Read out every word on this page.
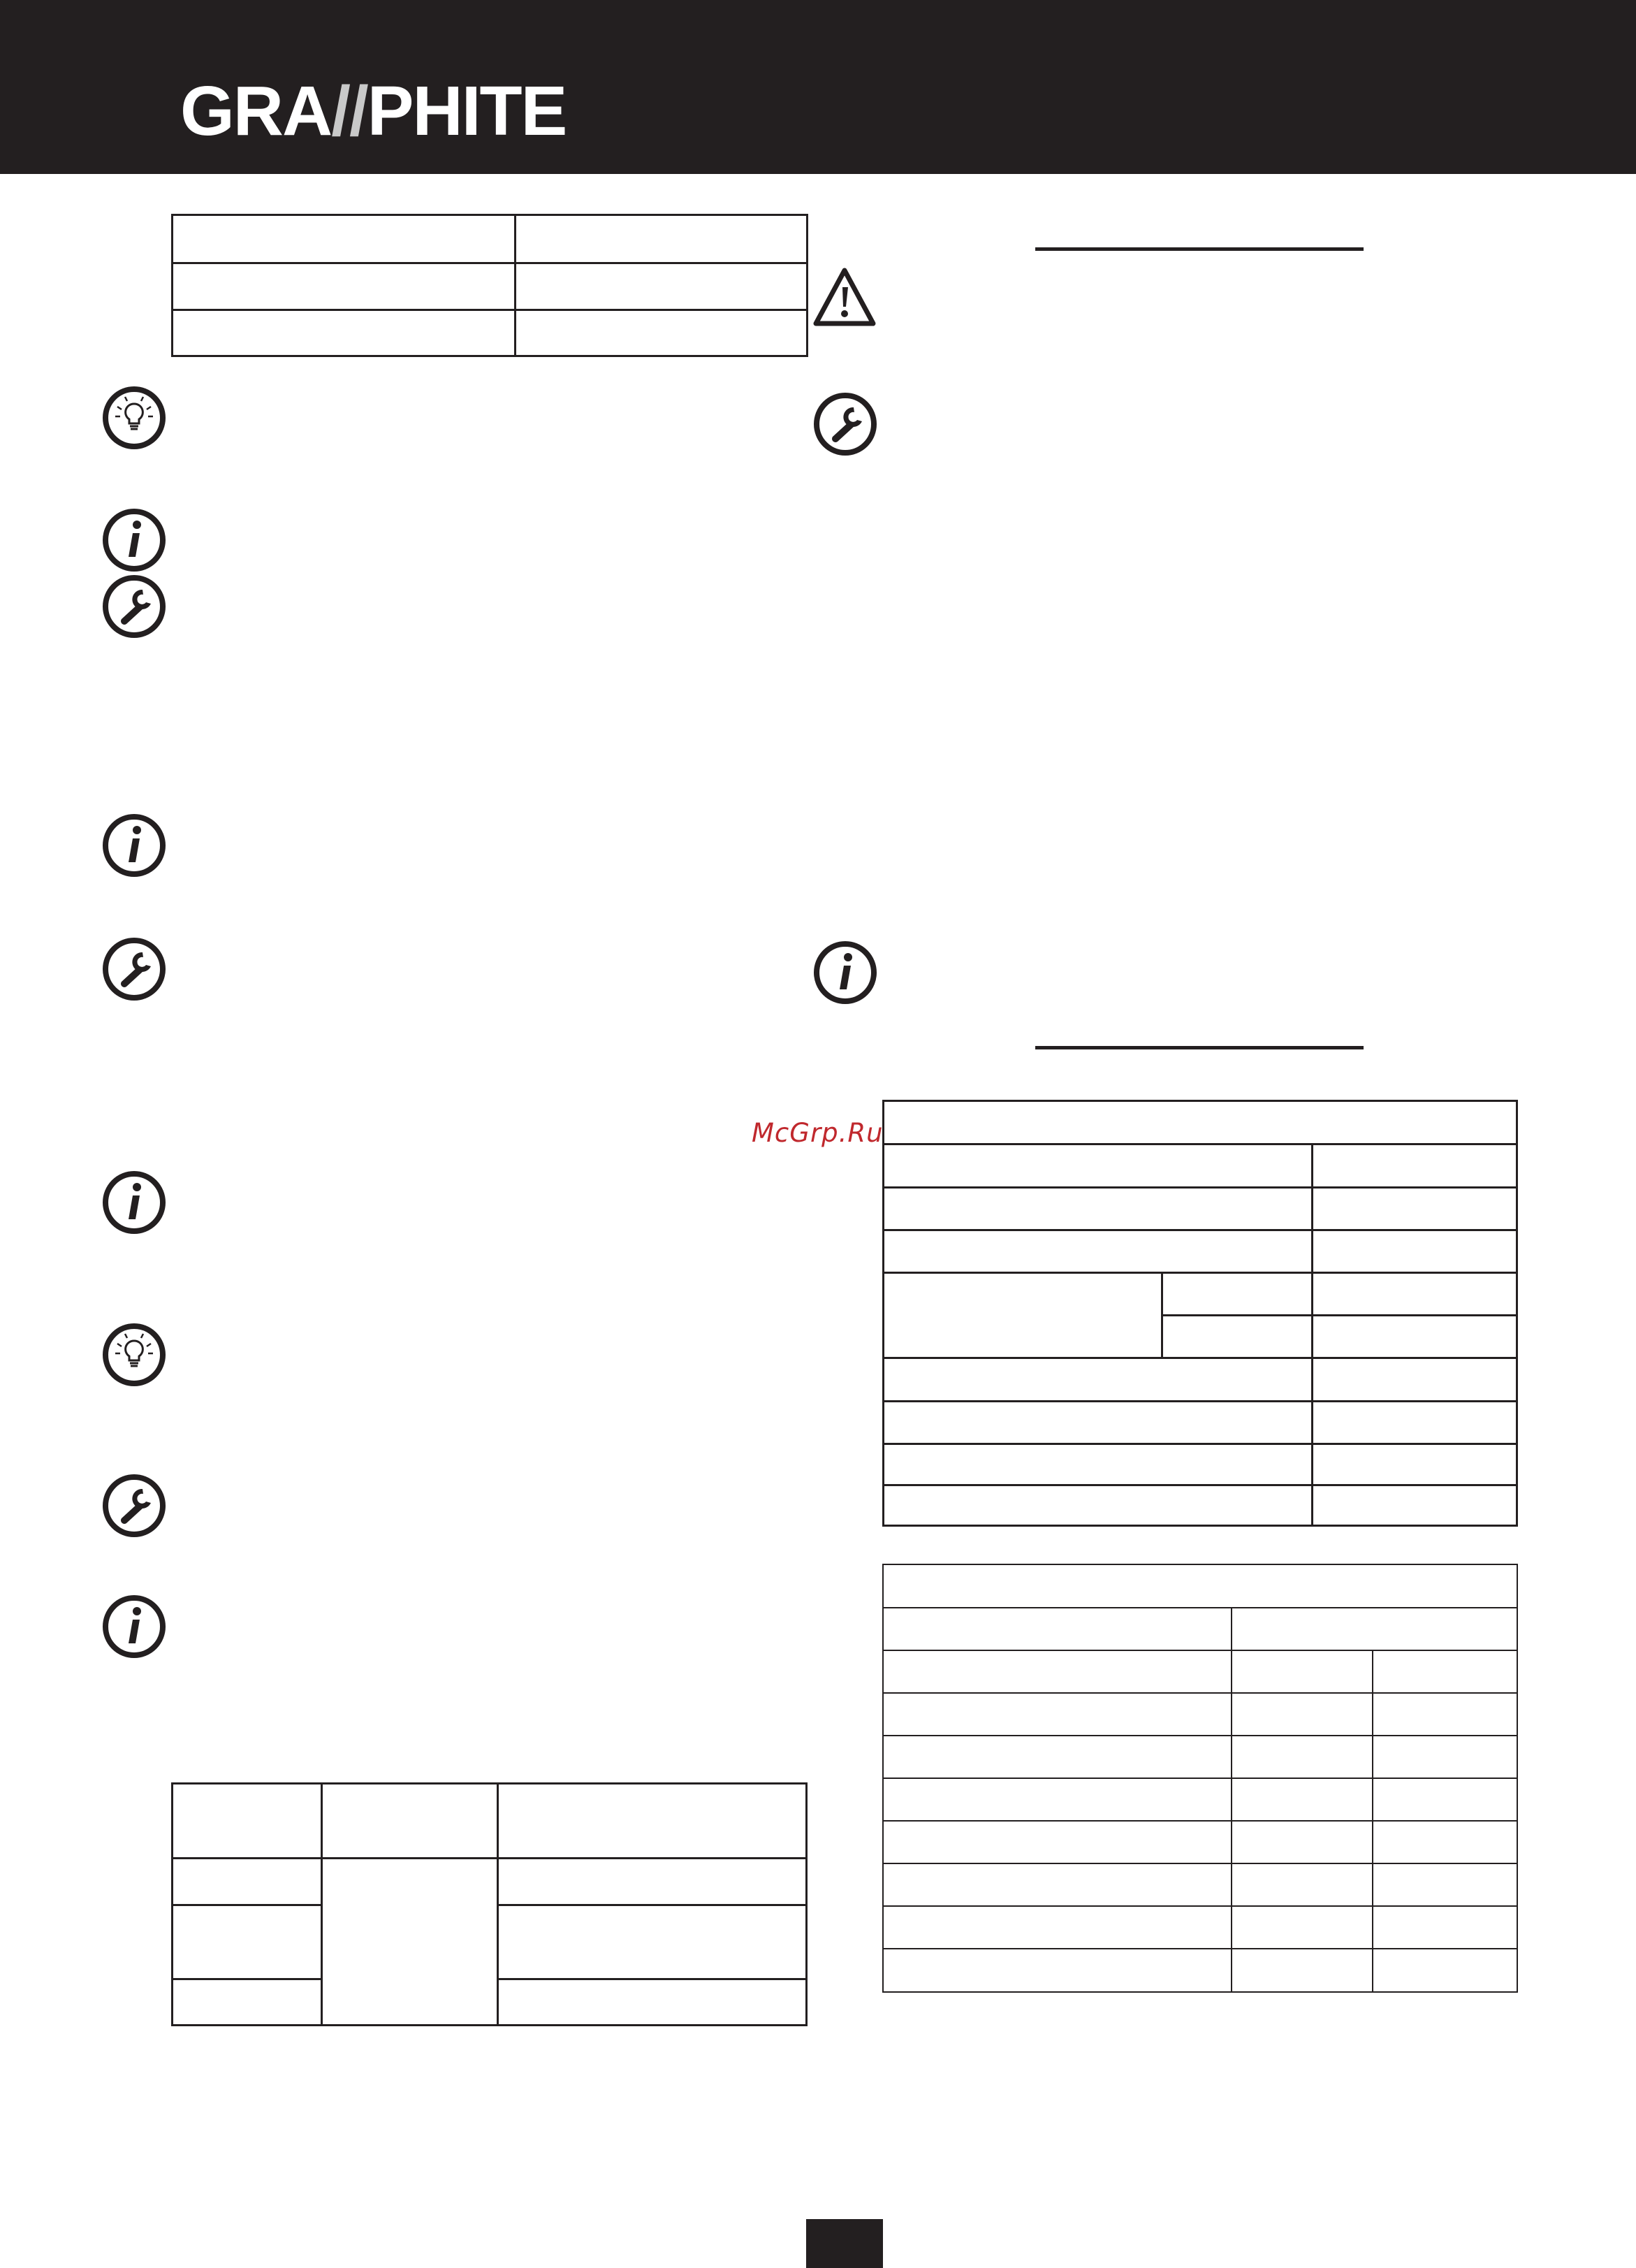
GRA//PHITE
McGrp.Ru
